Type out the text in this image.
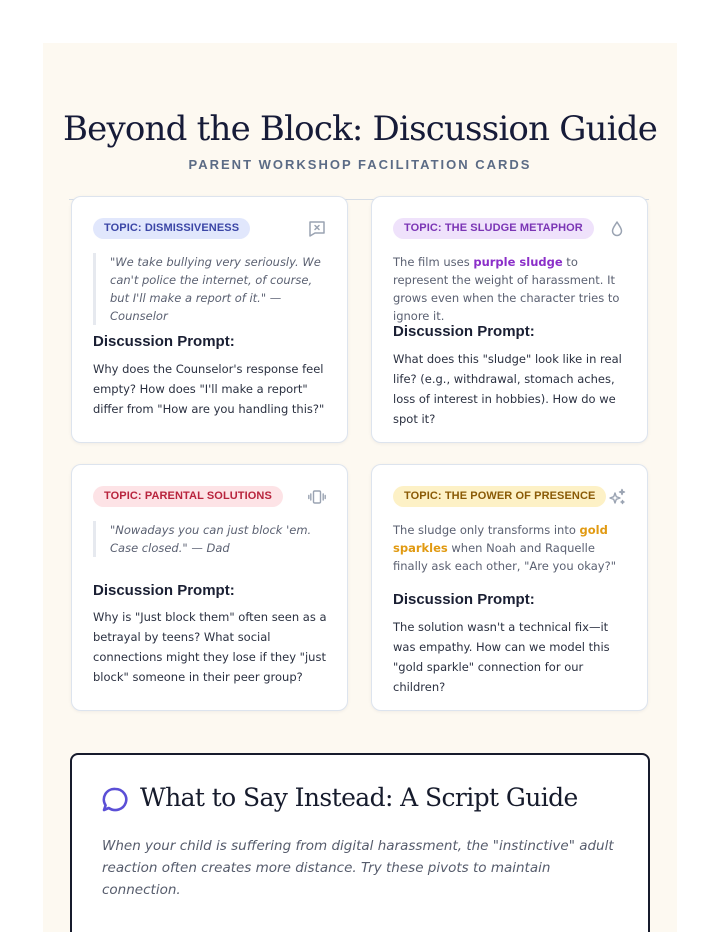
Beyond the Block: Discussion Guide
PARENT WORKSHOP FACILITATION CARDS
TOPIC: DISMISSIVENESS
"We take bullying very seriously. We can't police the internet, of course, but I'll make a report of it." — Counselor
Discussion Prompt:
Why does the Counselor's response feel empty? How does "I'll make a report" differ from "How are you handling this?"
TOPIC: THE SLUDGE METAPHOR
The film uses purple sludge to represent the weight of harassment. It grows even when the character tries to ignore it.
Discussion Prompt:
What does this "sludge" look like in real life? (e.g., withdrawal, stomach aches, loss of interest in hobbies). How do we spot it?
TOPIC: PARENTAL SOLUTIONS
"Nowadays you can just block 'em. Case closed." — Dad
Discussion Prompt:
Why is "Just block them" often seen as a betrayal by teens? What social connections might they lose if they "just block" someone in their peer group?
TOPIC: THE POWER OF PRESENCE
The sludge only transforms into gold sparkles when Noah and Raquelle finally ask each other, "Are you okay?"
Discussion Prompt:
The solution wasn't a technical fix—it was empathy. How can we model this "gold sparkle" connection for our children?
What to Say Instead: A Script Guide
When your child is suffering from digital harassment, the "instinctive" adult reaction often creates more distance. Try these pivots to maintain connection.
